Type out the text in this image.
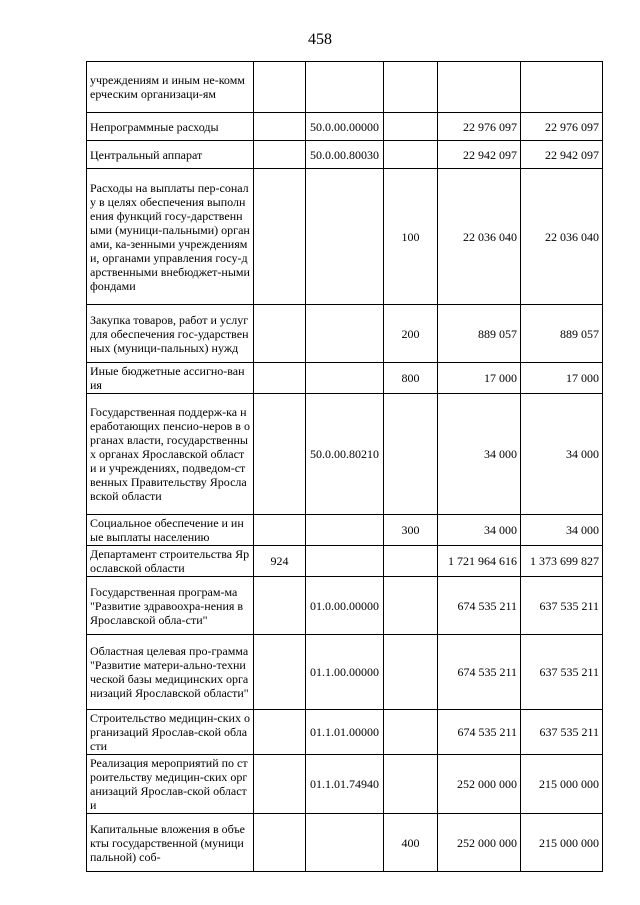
458
учреждениям и иным не-коммерческим организаци-ям					
Непрограммные расходы		50.0.00.00000		22 976 097	22 976 097
Центральный аппарат		50.0.00.80030		22 942 097	22 942 097
Расходы на выплаты пер-соналу в целях обеспечения выполнения функций госу-дарственными (муници-пальными) органами, ка-зенными учреждениями, органами управления госу-дарственными внебюджет-ными фондами			100	22 036 040	22 036 040
Закупка товаров, работ и услуг для обеспечения гос-ударственных (муници-пальных) нужд			200	889 057	889 057
Иные бюджетные ассигно-вания			800	17 000	17 000
Государственная поддерж-ка неработающих пенсио-неров в органах власти, государственных органах Ярославской области и учреждениях, подведом-ственных Правительству Ярославской области		50.0.00.80210		34 000	34 000
Социальное обеспечение и иные выплаты населению			300	34 000	34 000
Департамент строительства Ярославской области	924			1 721 964 616	1 373 699 827
Государственная програм-ма "Развитие здравоохра-нения в Ярославской обла-сти"		01.0.00.00000		674 535 211	637 535 211
Областная целевая про-грамма "Развитие матери-ально-технической базы медицинских организаций Ярославской области"		01.1.00.00000		674 535 211	637 535 211
Строительство медицин-ских организаций Ярослав-ской области		01.1.01.00000		674 535 211	637 535 211
Реализация мероприятий по строительству медицин-ских организаций Ярослав-ской области		01.1.01.74940		252 000 000	215 000 000
Капитальные вложения в объекты государственной (муниципальной) соб-			400	252 000 000	215 000 000
